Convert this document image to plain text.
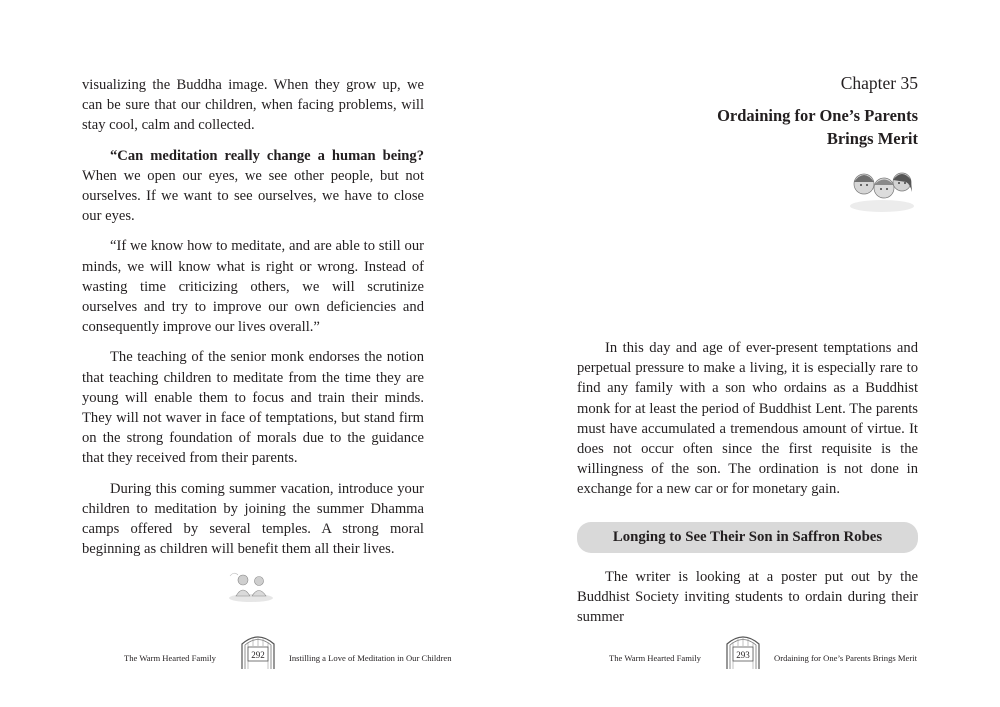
visualizing the Buddha image. When they grow up, we can be sure that our children, when facing problems, will stay cool, calm and collected.

“Can meditation really change a human being? When we open our eyes, we see other people, but not ourselves. If we want to see ourselves, we have to close our eyes.

“If we know how to meditate, and are able to still our minds, we will know what is right or wrong. Instead of wasting time criticizing others, we will scrutinize ourselves and try to improve our own deficiencies and consequently improve our lives overall.”

The teaching of the senior monk endorses the notion that teaching children to meditate from the time they are young will enable them to focus and train their minds. They will not waver in face of temptations, but stand firm on the strong foundation of morals due to the guidance that they received from their parents.

During this coming summer vacation, introduce your children to meditation by joining the summer Dhamma camps offered by several temples. A strong moral beginning as children will benefit them all their lives.

The Warm Hearted Family	292	Instilling a Love of Meditation in Our Children
Chapter 35
Ordaining for One’s Parents
Brings Merit

In this day and age of ever-present temptations and perpetual pressure to make a living, it is especially rare to find any family with a son who ordains as a Buddhist monk for at least the period of Buddhist Lent. The parents must have accumulated a tremendous amount of virtue. It does not occur often since the first requisite is the willingness of the son. The ordination is not done in exchange for a new car or for monetary gain.

Longing to See Their Son in Saffron Robes

The writer is looking at a poster put out by the Buddhist Society inviting students to ordain during their summer

The Warm Hearted Family	293	Ordaining for One’s Parents Brings Merit
